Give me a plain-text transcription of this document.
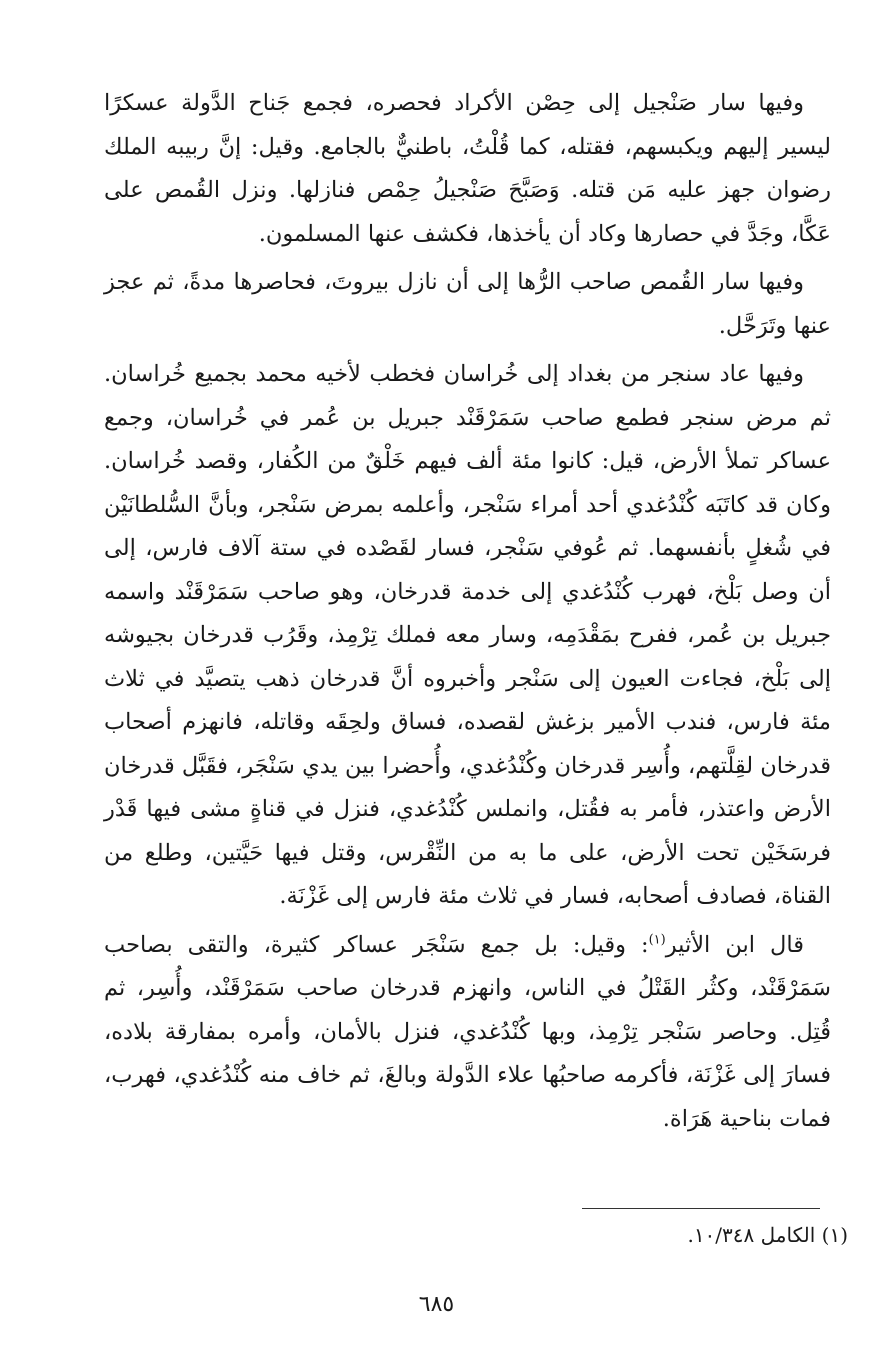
وفيها سار صَنْجيل إلى حِصْن الأكراد فحصره، فجمع جَناح الدَّولة عسكرًا ليسير إليهم ويكبسهم، فقتله، كما قُلْتُ، باطنيٌّ بالجامع. وقيل: إنَّ ربيبه الملك رضوان جهز عليه مَن قتله. وَصَبَّحَ صَنْجيلُ حِمْص فنازلها. ونزل القُمص على عَكَّا، وجَدَّ في حصارها وكاد أن يأخذها، فكشف عنها المسلمون.

وفيها سار القُمص صاحب الرُّها إلى أن نازل بيروتَ، فحاصرها مدةً، ثم عجز عنها وتَرَحَّل.

وفيها عاد سنجر من بغداد إلى خُراسان فخطب لأخيه محمد بجميع خُراسان. ثم مرض سنجر فطمع صاحب سَمَرْقَنْد جبريل بن عُمر في خُراسان، وجمع عساكر تملأ الأرض، قيل: كانوا مئة ألف فيهم خَلْقٌ من الكُفار، وقصد خُراسان. وكان قد كاتَبَه كُنْدُغدي أحد أمراء سَنْجر، وأعلمه بمرض سَنْجر، وبأنَّ السُّلطانَيْن في شُغلٍ بأنفسهما. ثم عُوفي سَنْجر، فسار لقَصْده في ستة آلاف فارس، إلى أن وصل بَلْخ، فهرب كُنْدُغدي إلى خدمة قدرخان، وهو صاحب سَمَرْقَنْد واسمه جبريل بن عُمر، ففرح بمَقْدَمِه، وسار معه فملك تِرْمِذ، وقَرُب قدرخان بجيوشه إلى بَلْخ، فجاءت العيون إلى سَنْجر وأخبروه أنَّ قدرخان ذهب يتصيَّد في ثلاث مئة فارس، فندب الأمير بزغش لقصده، فساق ولحِقَه وقاتله، فانهزم أصحاب قدرخان لقِلَّتهم، وأُسِر قدرخان وكُنْدُغدي، وأُحضرا بين يدي سَنْجَر، فقَبَّل قدرخان الأرض واعتذر، فأمر به فقُتل، وانملس كُنْدُغدي، فنزل في قناةٍ مشى فيها قَدْر فرسَخَيْن تحت الأرض، على ما به من النِّقْرس، وقتل فيها حَيَّتين، وطلع من القناة، فصادف أصحابه، فسار في ثلاث مئة فارس إلى غَزْنَة.

قال ابن الأثير$^{(١)}$: وقيل: بل جمع سَنْجَر عساكر كثيرة، والتقى بصاحب سَمَرْقَنْد، وكثُر القَتْلُ في الناس، وانهزم قدرخان صاحب سَمَرْقَنْد، وأُسِر، ثم قُتِل. وحاصر سَنْجر تِرْمِذ، وبها كُنْدُغدي، فنزل بالأمان، وأمره بمفارقة بلاده، فسارَ إلى غَزْنَة، فأكرمه صاحبُها علاء الدَّولة وبالغَ، ثم خاف منه كُنْدُغدي، فهرب، فمات بناحية هَرَاة.

(١) الكامل ١٠/٣٤٨.

٦٨٥
